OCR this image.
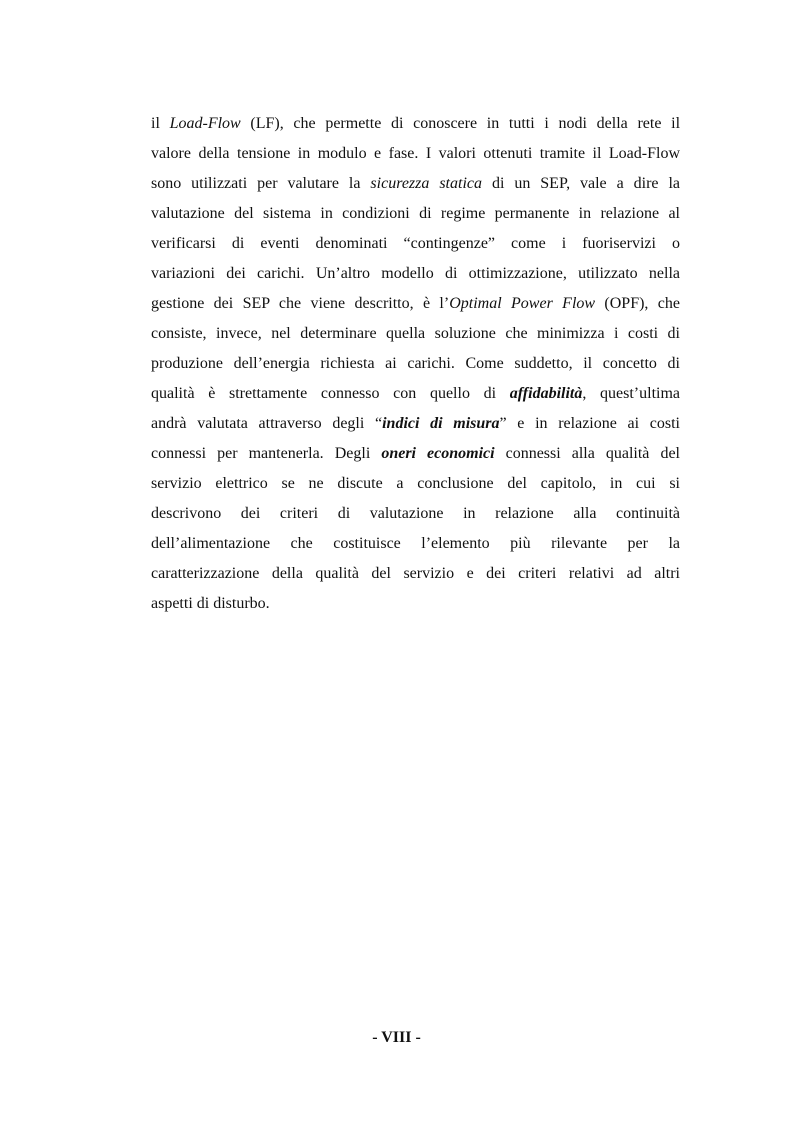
il Load-Flow (LF), che permette di conoscere in tutti i nodi della rete il
valore della tensione in modulo e fase. I valori ottenuti tramite il Load-Flow
sono utilizzati per valutare la sicurezza statica di un SEP, vale a dire la
valutazione del sistema in condizioni di regime permanente in relazione al
verificarsi di eventi denominati “contingenze” come i fuoriservizi o
variazioni dei carichi. Un’altro modello di ottimizzazione, utilizzato nella
gestione dei SEP che viene descritto, è l’Optimal Power Flow (OPF), che
consiste, invece, nel determinare quella soluzione che minimizza i costi di
produzione dell’energia richiesta ai carichi. Come suddetto, il concetto di
qualità è strettamente connesso con quello di affidabilità, quest’ultima
andrà valutata attraverso degli “indici di misura” e in relazione ai costi
connessi per mantenerla. Degli oneri economici connessi alla qualità del
servizio elettrico se ne discute a conclusione del capitolo, in cui si
descrivono dei criteri di valutazione in relazione alla continuità
dell’alimentazione che costituisce l’elemento più rilevante per la
caratterizzazione della qualità del servizio e dei criteri relativi ad altri
aspetti di disturbo.
- VIII -
